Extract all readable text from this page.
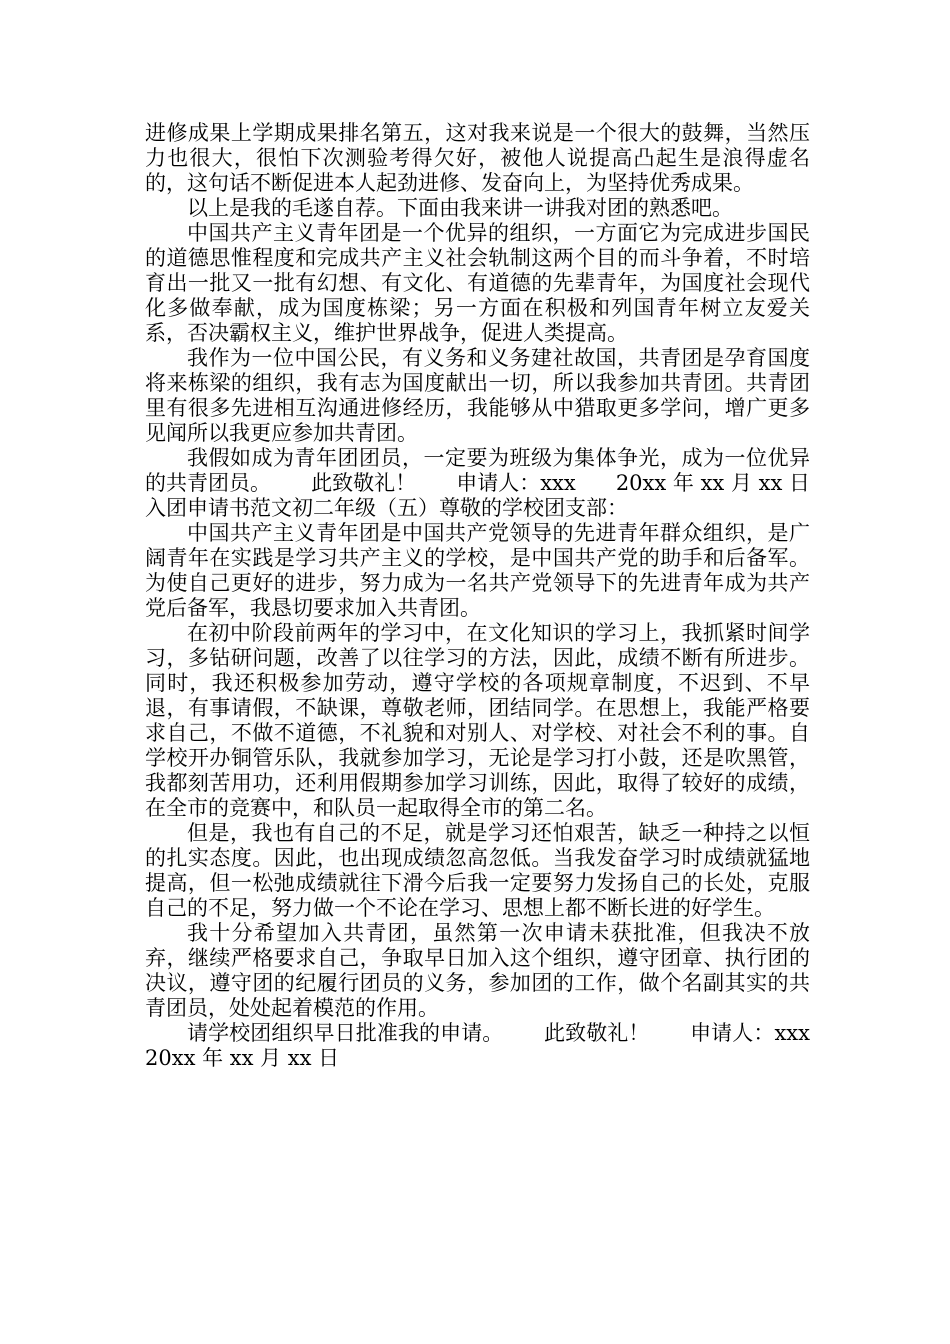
进修成果上学期成果排名第五，这对我来说是一个很大的鼓舞，当然压力也很大，很怕下次测验考得欠好，被他人说提高凸起生是浪得虚名的，这句话不断促进本人起劲进修、发奋向上，为坚持优秀成果。

以上是我的毛遂自荐。下面由我来讲一讲我对团的熟悉吧。

中国共产主义青年团是一个优异的组织，一方面它为完成进步国民的道德思惟程度和完成共产主义社会轨制这两个目的而斗争着，不时培育出一批又一批有幻想、有文化、有道德的先辈青年，为国度社会现代化多做奉献，成为国度栋梁；另一方面在积极和列国青年树立友爱关系，否决霸权主义，维护世界战争，促进人类提高。

我作为一位中国公民，有义务和义务建社故国，共青团是孕育国度将来栋梁的组织，我有志为国度献出一切，所以我参加共青团。共青团里有很多先进相互沟通进修经历，我能够从中猎取更多学问，增广更多见闻所以我更应参加共青团。

我假如成为青年团团员，一定要为班级为集体争光，成为一位优异的共青团员。      此致敬礼！      申请人：xxx      20xx 年 xx 月 xx 日      入团申请书范文初二年级（五）尊敬的学校团支部：

中国共产主义青年团是中国共产党领导的先进青年群众组织，是广阔青年在实践是学习共产主义的学校，是中国共产党的助手和后备军。为使自己更好的进步，努力成为一名共产党领导下的先进青年成为共产党后备军，我恳切要求加入共青团。

在初中阶段前两年的学习中，在文化知识的学习上，我抓紧时间学习，多钻研问题，改善了以往学习的方法，因此，成绩不断有所进步。同时，我还积极参加劳动，遵守学校的各项规章制度，不迟到、不早退，有事请假，不缺课，尊敬老师，团结同学。在思想上，我能严格要求自己，不做不道德，不礼貌和对别人、对学校、对社会不利的事。自学校开办铜管乐队，我就参加学习，无论是学习打小鼓，还是吹黑管，我都刻苦用功，还利用假期参加学习训练，因此，取得了较好的成绩，在全市的竞赛中，和队员一起取得全市的第二名。

但是，我也有自己的不足，就是学习还怕艰苦，缺乏一种持之以恒的扎实态度。因此，也出现成绩忽高忽低。当我发奋学习时成绩就猛地提高，但一松弛成绩就往下滑今后我一定要努力发扬自己的长处，克服自己的不足，努力做一个不论在学习、思想上都不断长进的好学生。

我十分希望加入共青团，虽然第一次申请未获批准，但我决不放弃，继续严格要求自己，争取早日加入这个组织，遵守团章、执行团的决议，遵守团的纪履行团员的义务，参加团的工作，做个名副其实的共青团员，处处起着模范的作用。

请学校团组织早日批准我的申请。      此致敬礼！      申请人：xxx      20xx 年 xx 月 xx 日
